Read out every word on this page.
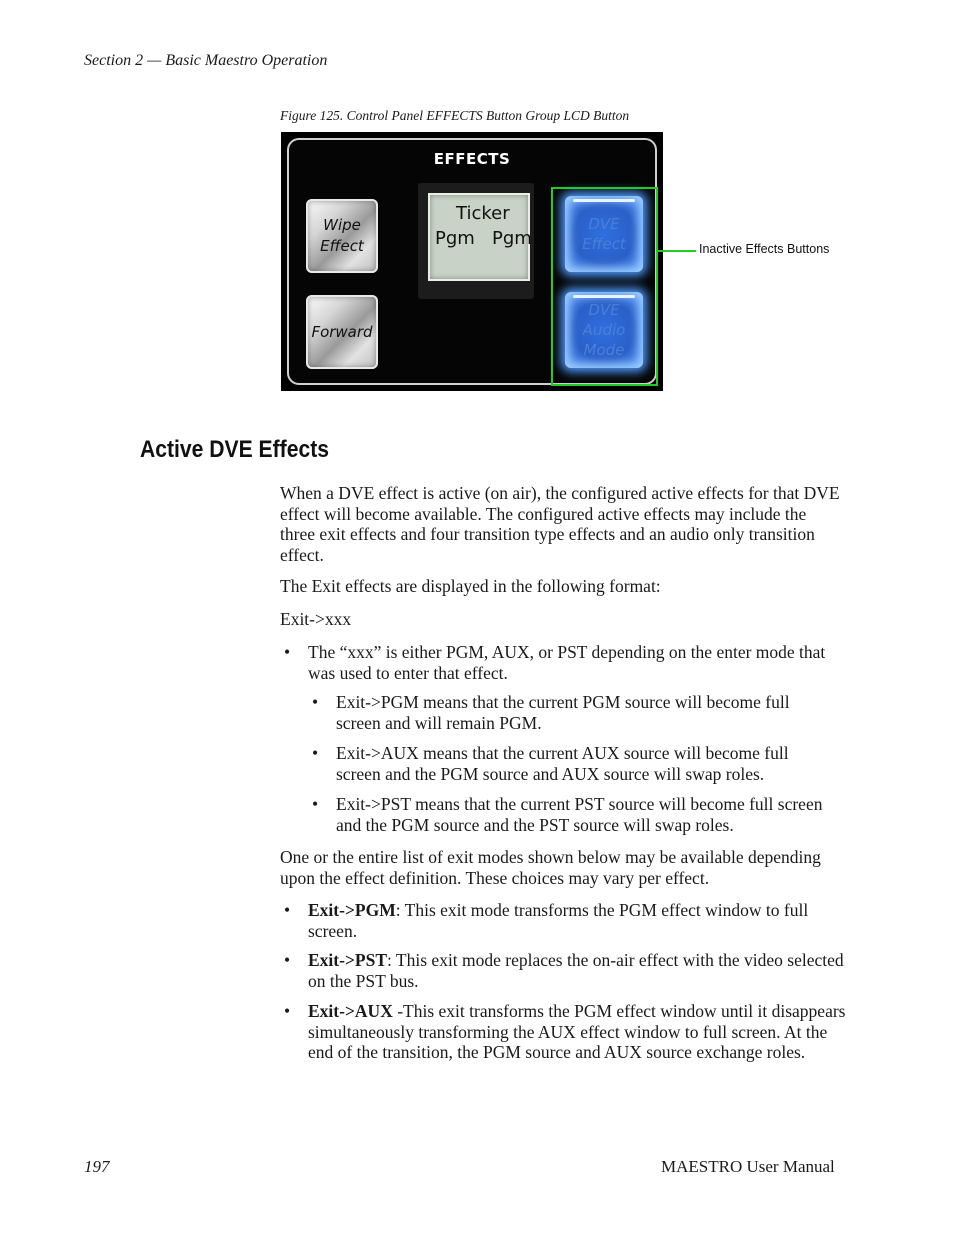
Section 2 — Basic Maestro Operation
Figure 125. Control Panel EFFECTS Button Group LCD Button
EFFECTS
Wipe
Effect
Forward
Ticker
Pgm   Pgm
DVE
Effect
DVE
Audio
Mode
Inactive Effects Buttons
Active DVE Effects
When a DVE effect is active (on air), the configured active effects for that DVE effect will become available. The configured active effects may include the three exit effects and four transition type effects and an audio only transition effect.
The Exit effects are displayed in the following format:
Exit->xxx
• The “xxx” is either PGM, AUX, or PST depending on the enter mode that was used to enter that effect.
• Exit->PGM means that the current PGM source will become full screen and will remain PGM.
• Exit->AUX means that the current AUX source will become full screen and the PGM source and AUX source will swap roles.
• Exit->PST means that the current PST source will become full screen and the PGM source and the PST source will swap roles.
One or the entire list of exit modes shown below may be available depending upon the effect definition. These choices may vary per effect.
• Exit->PGM: This exit mode transforms the PGM effect window to full screen.
• Exit->PST: This exit mode replaces the on-air effect with the video selected on the PST bus.
• Exit->AUX -This exit transforms the PGM effect window until it disappears simultaneously transforming the AUX effect window to full screen. At the end of the transition, the PGM source and AUX source exchange roles.
197	MAESTRO User Manual
